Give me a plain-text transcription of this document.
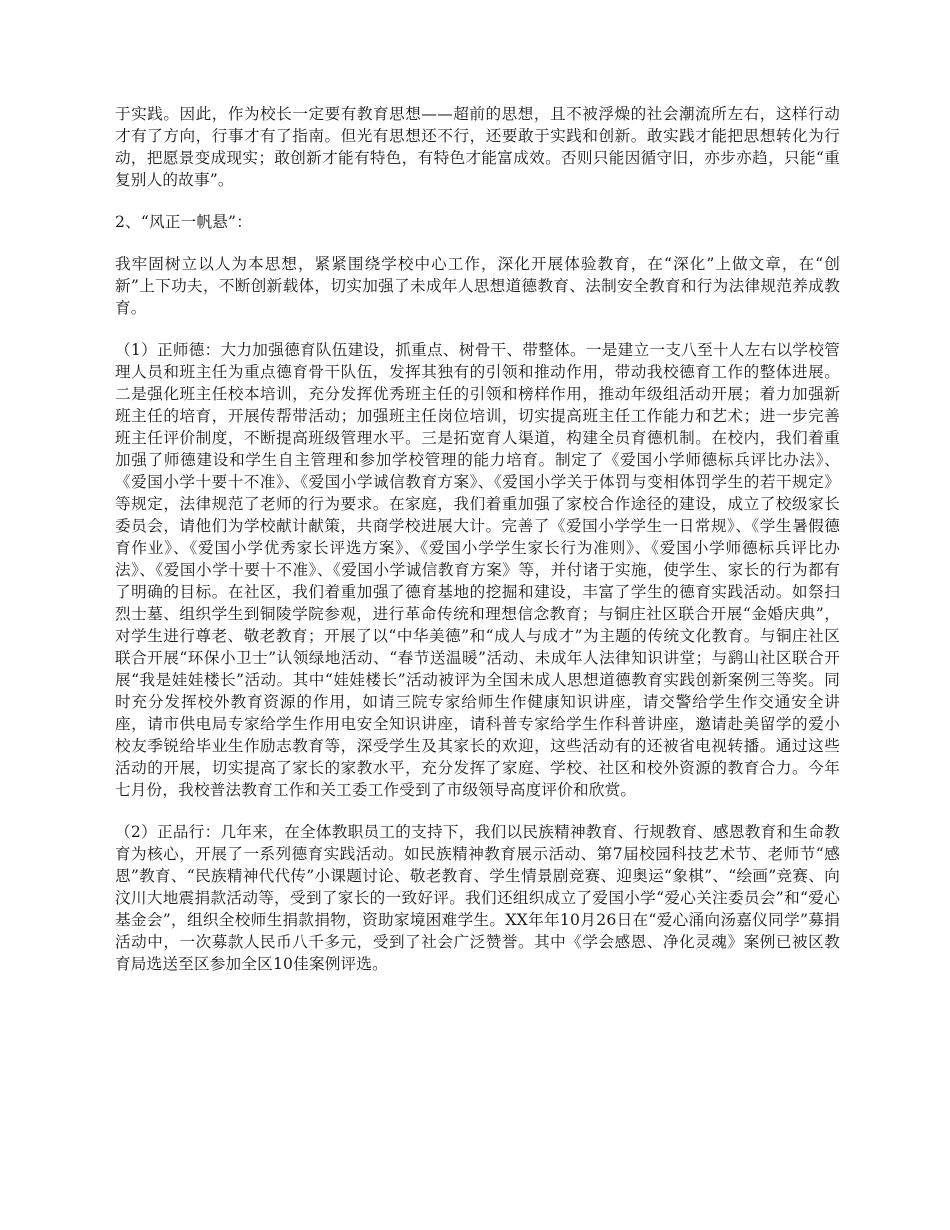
于实践。因此，作为校长一定要有教育思想——超前的思想，且不被浮燥的社会潮流所左右，这样行动才有了方向，行事才有了指南。但光有思想还不行，还要敢于实践和创新。敢实践才能把思想转化为行动，把愿景变成现实；敢创新才能有特色，有特色才能富成效。否则只能因循守旧，亦步亦趋，只能“重复别人的故事”。

2、“风正一帆悬”：

我牢固树立以人为本思想，紧紧围绕学校中心工作，深化开展体验教育，在“深化”上做文章，在“创新”上下功夫，不断创新载体，切实加强了未成年人思想道德教育、法制安全教育和行为法律规范养成教育。

（1）正师德：大力加强德育队伍建设，抓重点、树骨干、带整体。一是建立一支八至十人左右以学校管理人员和班主任为重点德育骨干队伍，发挥其独有的引领和推动作用，带动我校德育工作的整体进展。二是强化班主任校本培训，充分发挥优秀班主任的引领和榜样作用，推动年级组活动开展；着力加强新班主任的培育，开展传帮带活动；加强班主任岗位培训，切实提高班主任工作能力和艺术；进一步完善班主任评价制度，不断提高班级管理水平。三是拓宽育人渠道，构建全员育德机制。在校内，我们着重加强了师德建设和学生自主管理和参加学校管理的能力培育。制定了《爱国小学师德标兵评比办法》、《爱国小学十要十不准》、《爱国小学诚信教育方案》、《爱国小学关于体罚与变相体罚学生的若干规定》等规定，法律规范了老师的行为要求。在家庭，我们着重加强了家校合作途径的建设，成立了校级家长委员会，请他们为学校献计献策，共商学校进展大计。完善了《爱国小学学生一日常规》、《学生暑假德育作业》、《爱国小学优秀家长评选方案》、《爱国小学学生家长行为准则》、《爱国小学师德标兵评比办法》、《爱国小学十要十不准》、《爱国小学诚信教育方案》等，并付诸于实施，使学生、家长的行为都有了明确的目标。在社区，我们着重加强了德育基地的挖掘和建设，丰富了学生的德育实践活动。如祭扫烈士墓、组织学生到铜陵学院参观，进行革命传统和理想信念教育；与铜庄社区联合开展“金婚庆典”，对学生进行尊老、敬老教育；开展了以“中华美德”和“成人与成才”为主题的传统文化教育。与铜庄社区联合开展“环保小卫士”认领绿地活动、“春节送温暖”活动、未成年人法律知识讲堂；与鹞山社区联合开展“我是娃娃楼长”活动。其中“娃娃楼长”活动被评为全国未成人思想道德教育实践创新案例三等奖。同时充分发挥校外教育资源的作用，如请三院专家给师生作健康知识讲座，请交警给学生作交通安全讲座，请市供电局专家给学生作用电安全知识讲座，请科普专家给学生作科普讲座，邀请赴美留学的爱小校友季锐给毕业生作励志教育等，深受学生及其家长的欢迎，这些活动有的还被省电视转播。通过这些活动的开展，切实提高了家长的家教水平，充分发挥了家庭、学校、社区和校外资源的教育合力。今年七月份，我校普法教育工作和关工委工作受到了市级领导高度评价和欣赏。

（2）正品行：几年来，在全体教职员工的支持下，我们以民族精神教育、行规教育、感恩教育和生命教育为核心，开展了一系列德育实践活动。如民族精神教育展示活动、第7届校园科技艺术节、老师节“感恩”教育、“民族精神代代传”小课题讨论、敬老教育、学生情景剧竞赛、迎奥运“象棋”、“绘画”竞赛、向汶川大地震捐款活动等，受到了家长的一致好评。我们还组织成立了爱国小学“爱心关注委员会”和“爱心基金会”，组织全校师生捐款捐物，资助家境困难学生。XX年年10月26日在“爱心涌向汤嘉仪同学”募捐活动中，一次募款人民币八千多元，受到了社会广泛赞誉。其中《学会感恩、净化灵魂》案例已被区教育局选送至区参加全区10佳案例评选。
